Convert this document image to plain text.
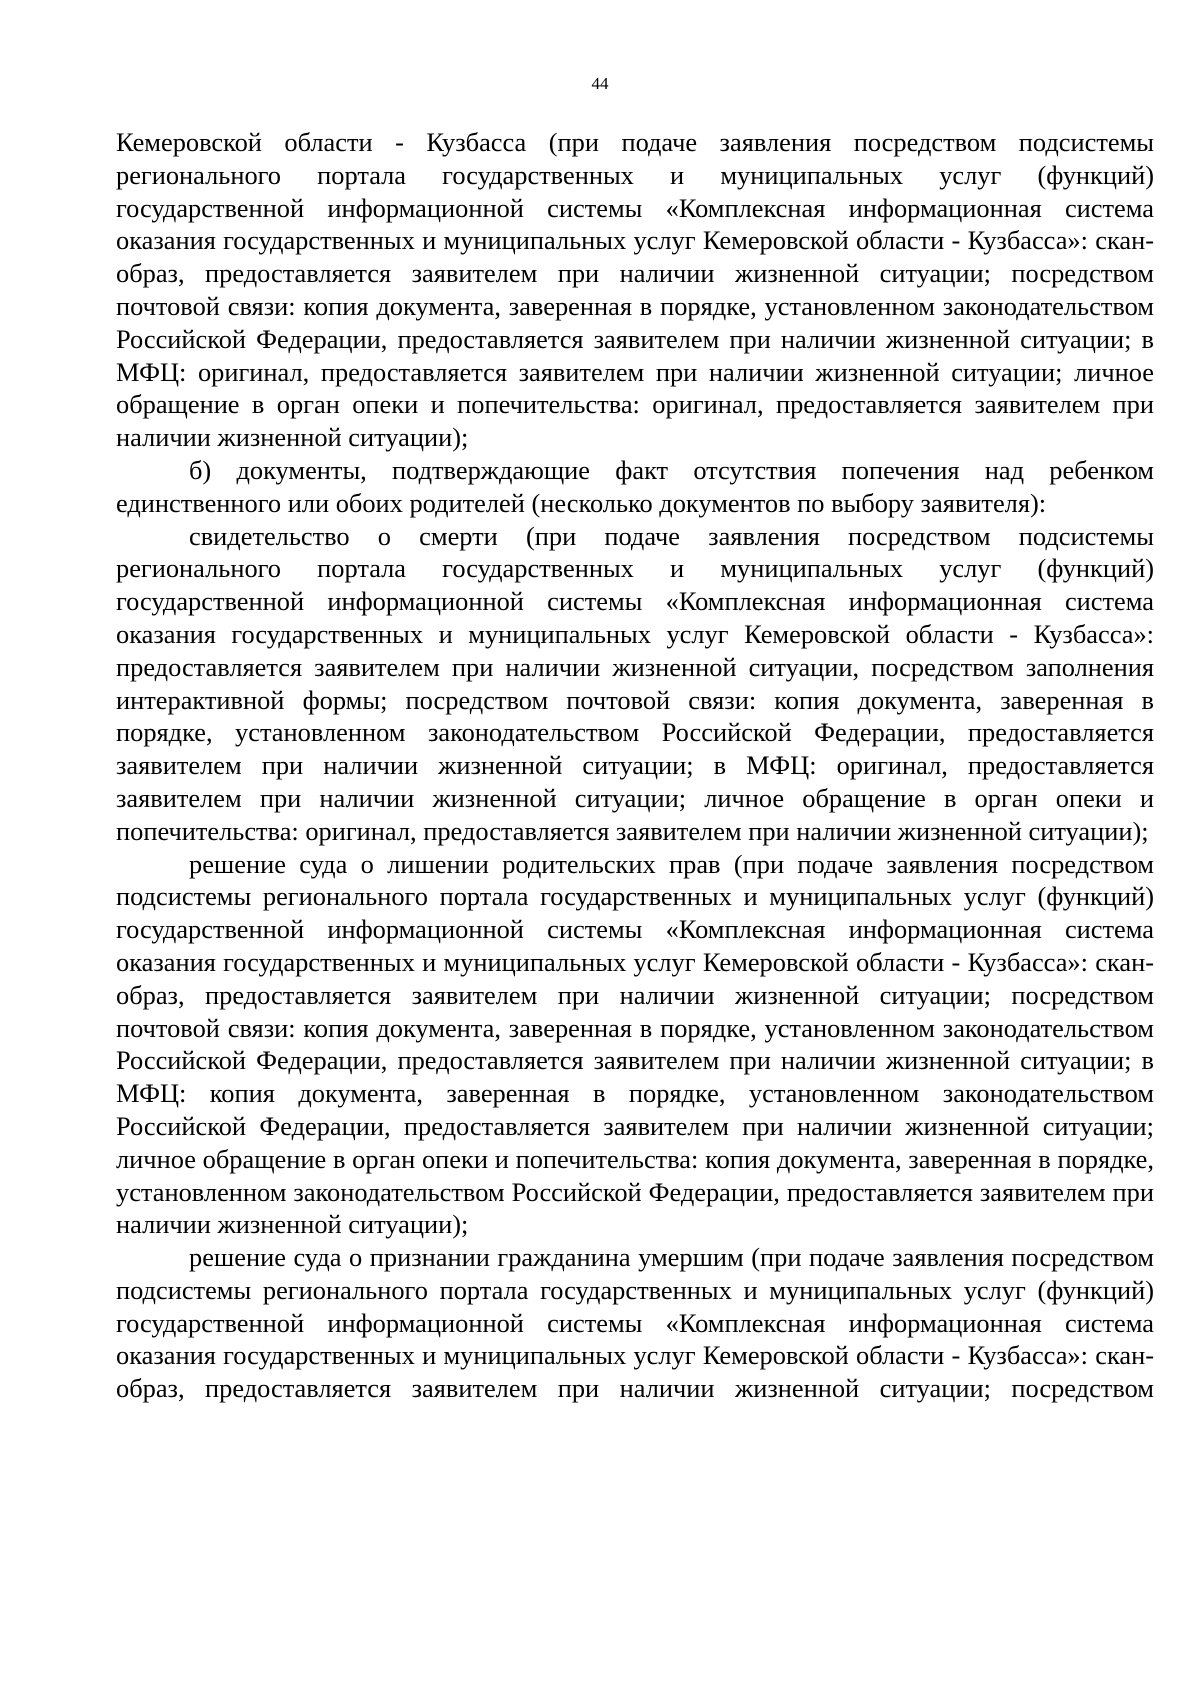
44

Кемеровской области - Кузбасса (при подаче заявления посредством подсистемы регионального портала государственных и муниципальных услуг (функций) государственной информационной системы «Комплексная информационная система оказания государственных и муниципальных услуг Кемеровской области - Кузбасса»: скан-образ, предоставляется заявителем при наличии жизненной ситуации; посредством почтовой связи: копия документа, заверенная в порядке, установленном законодательством Российской Федерации, предоставляется заявителем при наличии жизненной ситуации; в МФЦ: оригинал, предоставляется заявителем при наличии жизненной ситуации; личное обращение в орган опеки и попечительства: оригинал, предоставляется заявителем при наличии жизненной ситуации);

б) документы, подтверждающие факт отсутствия попечения над ребенком единственного или обоих родителей (несколько документов по выбору заявителя):

свидетельство о смерти (при подаче заявления посредством подсистемы регионального портала государственных и муниципальных услуг (функций) государственной информационной системы «Комплексная информационная система оказания государственных и муниципальных услуг Кемеровской области - Кузбасса»: предоставляется заявителем при наличии жизненной ситуации, посредством заполнения интерактивной формы; посредством почтовой связи: копия документа, заверенная в порядке, установленном законодательством Российской Федерации, предоставляется заявителем при наличии жизненной ситуации; в МФЦ: оригинал, предоставляется заявителем при наличии жизненной ситуации; личное обращение в орган опеки и попечительства: оригинал, предоставляется заявителем при наличии жизненной ситуации);

решение суда о лишении родительских прав (при подаче заявления посредством подсистемы регионального портала государственных и муниципальных услуг (функций) государственной информационной системы «Комплексная информационная система оказания государственных и муниципальных услуг Кемеровской области - Кузбасса»: скан-образ, предоставляется заявителем при наличии жизненной ситуации; посредством почтовой связи: копия документа, заверенная в порядке, установленном законодательством Российской Федерации, предоставляется заявителем при наличии жизненной ситуации; в МФЦ: копия документа, заверенная в порядке, установленном законодательством Российской Федерации, предоставляется заявителем при наличии жизненной ситуации; личное обращение в орган опеки и попечительства: копия документа, заверенная в порядке, установленном законодательством Российской Федерации, предоставляется заявителем при наличии жизненной ситуации);

решение суда о признании гражданина умершим (при подаче заявления посредством подсистемы регионального портала государственных и муниципальных услуг (функций) государственной информационной системы «Комплексная информационная система оказания государственных и муниципальных услуг Кемеровской области - Кузбасса»: скан-образ, предоставляется заявителем при наличии жизненной ситуации; посредством
